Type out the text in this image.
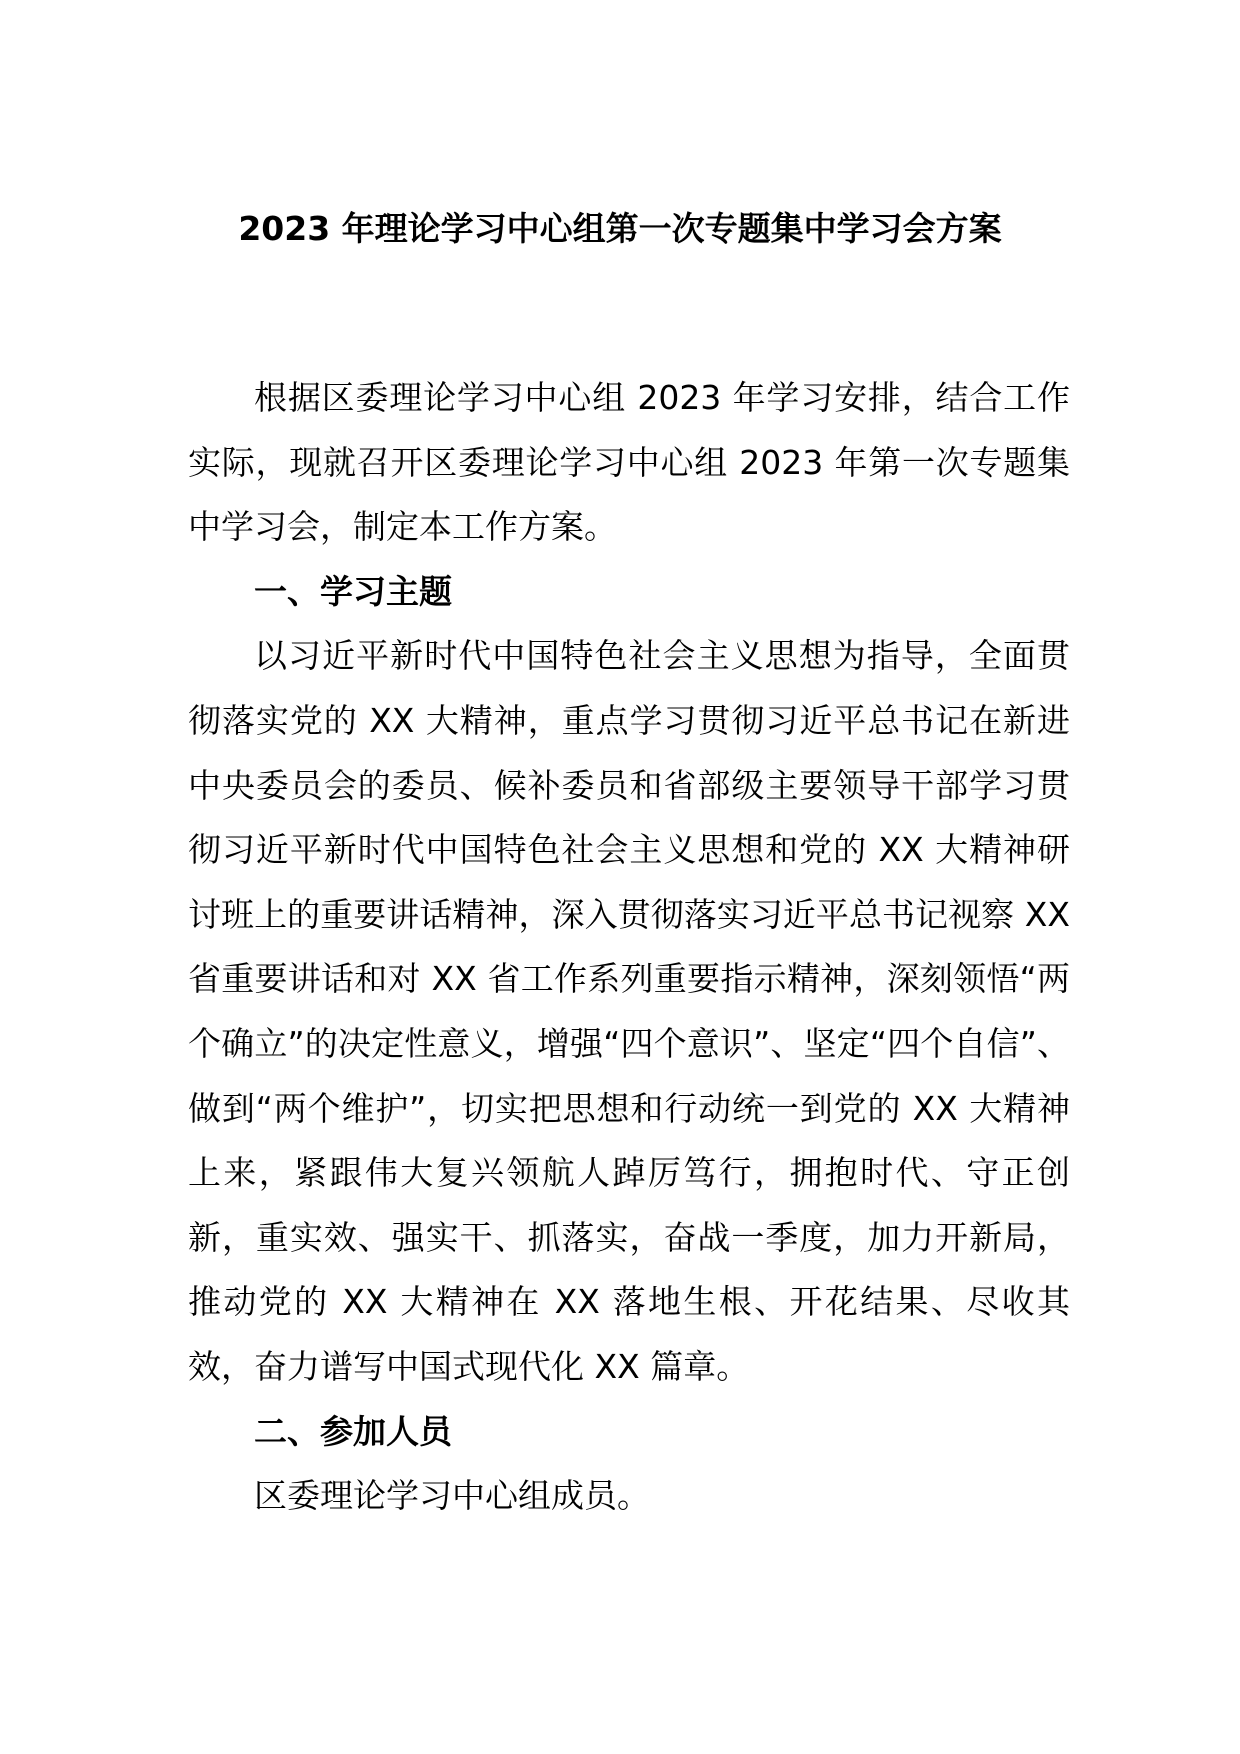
2023 年理论学习中心组第一次专题集中学习会方案

根据区委理论学习中心组 2023 年学习安排，结合工作实际，现就召开区委理论学习中心组 2023 年第一次专题集中学习会，制定本工作方案。

一、学习主题

以习近平新时代中国特色社会主义思想为指导，全面贯彻落实党的 XX 大精神，重点学习贯彻习近平总书记在新进中央委员会的委员、候补委员和省部级主要领导干部学习贯彻习近平新时代中国特色社会主义思想和党的 XX 大精神研讨班上的重要讲话精神，深入贯彻落实习近平总书记视察 XX 省重要讲话和对 XX 省工作系列重要指示精神，深刻领悟“两个确立”的决定性意义，增强“四个意识”、坚定“四个自信”、做到“两个维护”，切实把思想和行动统一到党的 XX 大精神上来，紧跟伟大复兴领航人踔厉笃行，拥抱时代、守正创新，重实效、强实干、抓落实，奋战一季度，加力开新局，推动党的 XX 大精神在 XX 落地生根、开花结果、尽收其效，奋力谱写中国式现代化 XX 篇章。

二、参加人员

区委理论学习中心组成员。
